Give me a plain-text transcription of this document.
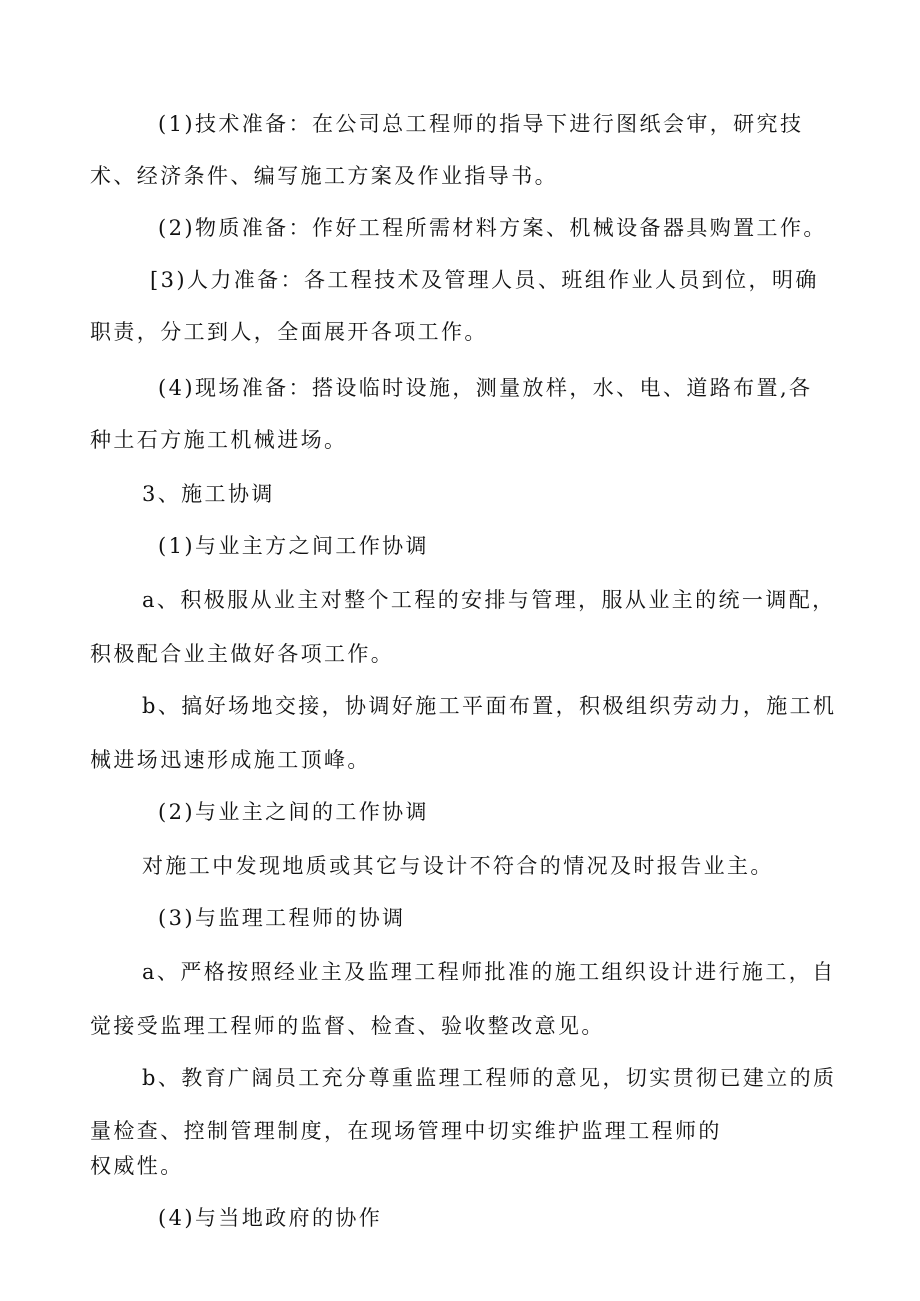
(1)技术准备：在公司总工程师的指导下进行图纸会审，研究技
术、经济条件、编写施工方案及作业指导书。
(2)物质准备：作好工程所需材料方案、机械设备器具购置工作。
[3)人力准备：各工程技术及管理人员、班组作业人员到位，明确
职责，分工到人，全面展开各项工作。
(4)现场准备：搭设临时设施，测量放样，水、电、道路布置,各
种土石方施工机械进场。
3、施工协调
(1)与业主方之间工作协调
a、积极服从业主对整个工程的安排与管理，服从业主的统一调配，
积极配合业主做好各项工作。
b、搞好场地交接，协调好施工平面布置，积极组织劳动力，施工机
械进场迅速形成施工顶峰。
(2)与业主之间的工作协调
对施工中发现地质或其它与设计不符合的情况及时报告业主。
(3)与监理工程师的协调
a、严格按照经业主及监理工程师批准的施工组织设计进行施工，自
觉接受监理工程师的监督、检查、验收整改意见。
b、教育广阔员工充分尊重监理工程师的意见，切实贯彻已建立的质
量检查、控制管理制度，在现场管理中切实维护监理工程师的
权威性。
(4)与当地政府的协作
